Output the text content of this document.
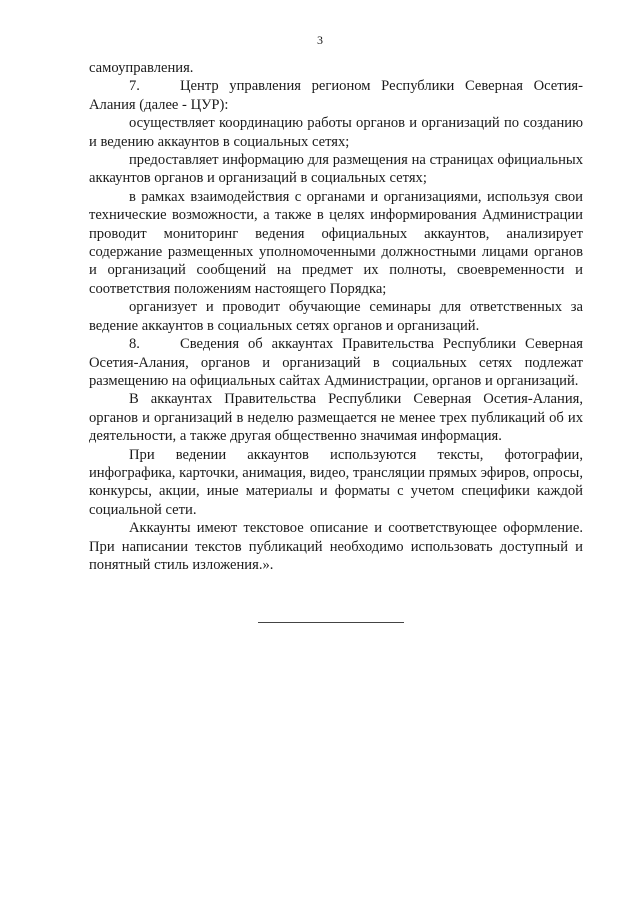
3

самоуправления.

7.	Центр управления регионом Республики Северная Осетия-Алания (далее - ЦУР):

осуществляет координацию работы органов и организаций по созданию и ведению аккаунтов в социальных сетях;

предоставляет информацию для размещения на страницах официальных аккаунтов органов и организаций в социальных сетях;

в рамках взаимодействия с органами и организациями, используя свои технические возможности, а также в целях информирования Администрации проводит мониторинг ведения официальных аккаунтов, анализирует содержание размещенных уполномоченными должностными лицами органов и организаций сообщений на предмет их полноты, своевременности и соответствия положениям настоящего Порядка;

организует и проводит обучающие семинары для ответственных за ведение аккаунтов в социальных сетях органов и организаций.

8.	Сведения об аккаунтах Правительства Республики Северная Осетия-Алания, органов и организаций в социальных сетях подлежат размещению на официальных сайтах Администрации, органов и организаций.

В аккаунтах Правительства Республики Северная Осетия-Алания, органов и организаций в неделю размещается не менее трех публикаций об их деятельности, а также другая общественно значимая информация.

При ведении аккаунтов используются тексты, фотографии, инфографика, карточки, анимация, видео, трансляции прямых эфиров, опросы, конкурсы, акции, иные материалы и форматы с учетом специфики каждой социальной сети.

Аккаунты имеют текстовое описание и соответствующее оформление. При написании текстов публикаций необходимо использовать доступный и понятный стиль изложения.».
